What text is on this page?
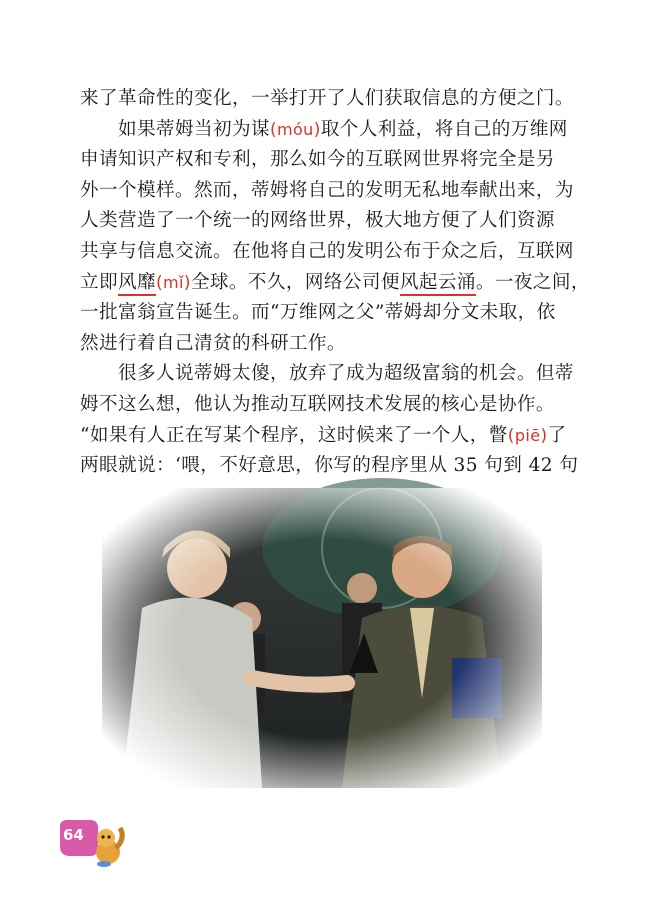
来了革命性的变化，一举打开了人们获取信息的方便之门。
如果蒂姆当初为谋(móu)取个人利益，将自己的万维网
申请知识产权和专利，那么如今的互联网世界将完全是另
外一个模样。然而，蒂姆将自己的发明无私地奉献出来，为
人类营造了一个统一的网络世界，极大地方便了人们资源
共享与信息交流。在他将自己的发明公布于众之后，互联网
立即风靡(mǐ)全球。不久，网络公司便风起云涌。一夜之间，
一批富翁宣告诞生。而“万维网之父”蒂姆却分文未取，依
然进行着自己清贫的科研工作。
很多人说蒂姆太傻，放弃了成为超级富翁的机会。但蒂
姆不这么想，他认为推动互联网技术发展的核心是协作。
“如果有人正在写某个程序，这时候来了一个人，瞥(piē)了
两眼就说：‘喂，不好意思，你写的程序里从 35 句到 42 句
64
